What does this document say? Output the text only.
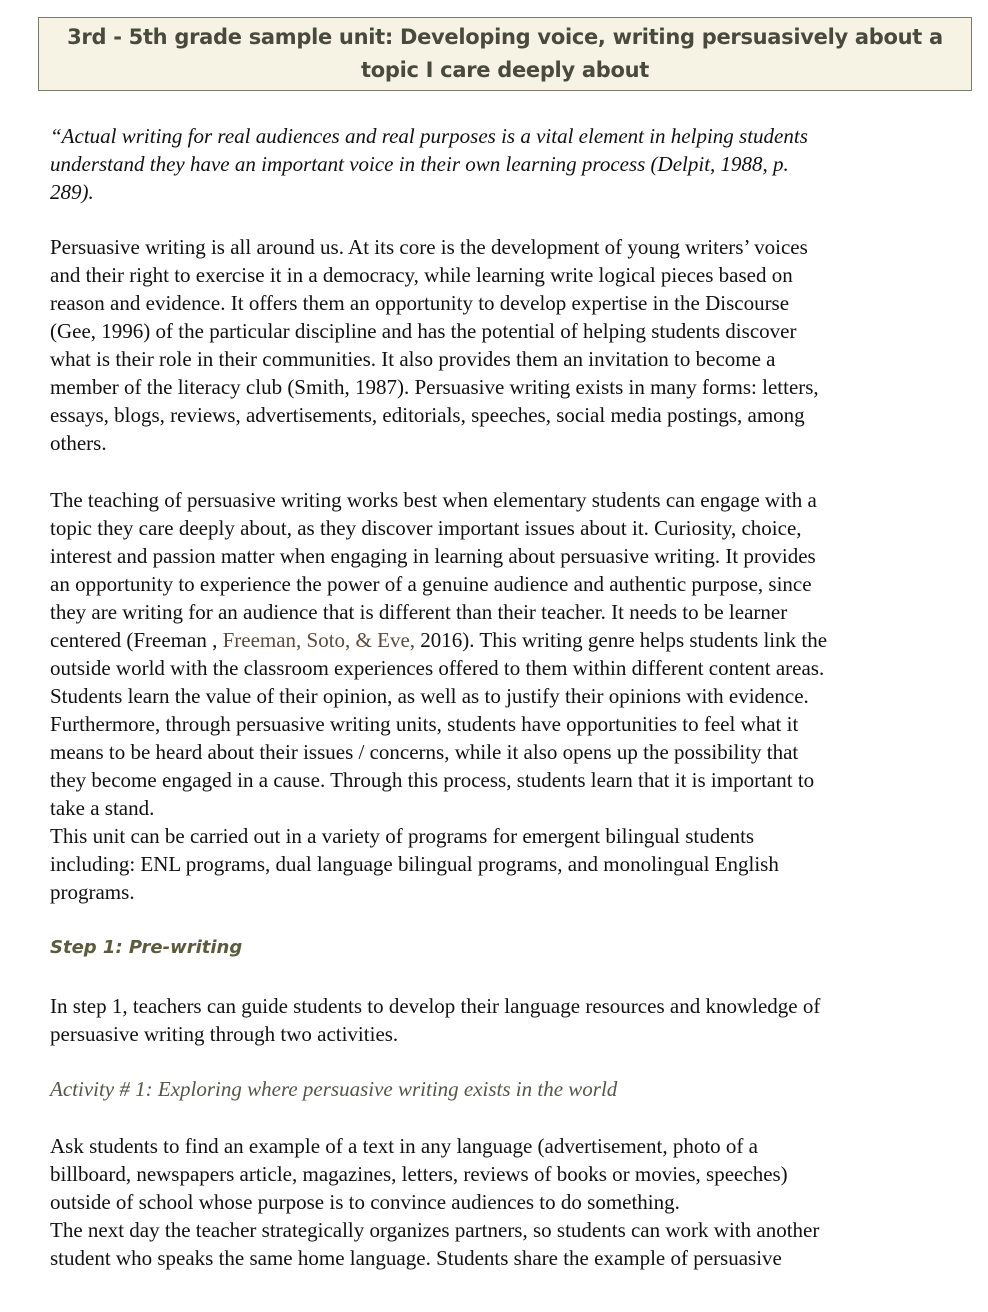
3rd - 5th grade sample unit: Developing voice, writing persuasively about a
topic I care deeply about

“Actual writing for real audiences and real purposes is a vital element in helping students
understand they have an important voice in their own learning process (Delpit, 1988, p.
289).

Persuasive writing is all around us. At its core is the development of young writers’ voices
and their right to exercise it in a democracy, while learning write logical pieces based on
reason and evidence. It offers them an opportunity to develop expertise in the Discourse
(Gee, 1996) of the particular discipline and has the potential of helping students discover
what is their role in their communities. It also provides them an invitation to become a
member of the literacy club (Smith, 1987). Persuasive writing exists in many forms: letters,
essays, blogs, reviews, advertisements, editorials, speeches, social media postings, among
others.

The teaching of persuasive writing works best when elementary students can engage with a
topic they care deeply about, as they discover important issues about it. Curiosity, choice,
interest and passion matter when engaging in learning about persuasive writing. It provides
an opportunity to experience the power of a genuine audience and authentic purpose, since
they are writing for an audience that is different than their teacher. It needs to be learner
centered (Freeman , Freeman, Soto, & Eve, 2016). This writing genre helps students link the
outside world with the classroom experiences offered to them within different content areas.
Students learn the value of their opinion, as well as to justify their opinions with evidence.
Furthermore, through persuasive writing units, students have opportunities to feel what it
means to be heard about their issues / concerns, while it also opens up the possibility that
they become engaged in a cause. Through this process, students learn that it is important to
take a stand.

This unit can be carried out in a variety of programs for emergent bilingual students
including: ENL programs, dual language bilingual programs, and monolingual English
programs.

Step 1: Pre-writing

In step 1, teachers can guide students to develop their language resources and knowledge of
persuasive writing through two activities.

Activity # 1: Exploring where persuasive writing exists in the world

Ask students to find an example of a text in any language (advertisement, photo of a
billboard, newspapers article, magazines, letters, reviews of books or movies, speeches)
outside of school whose purpose is to convince audiences to do something.
The next day the teacher strategically organizes partners, so students can work with another
student who speaks the same home language. Students share the example of persuasive
